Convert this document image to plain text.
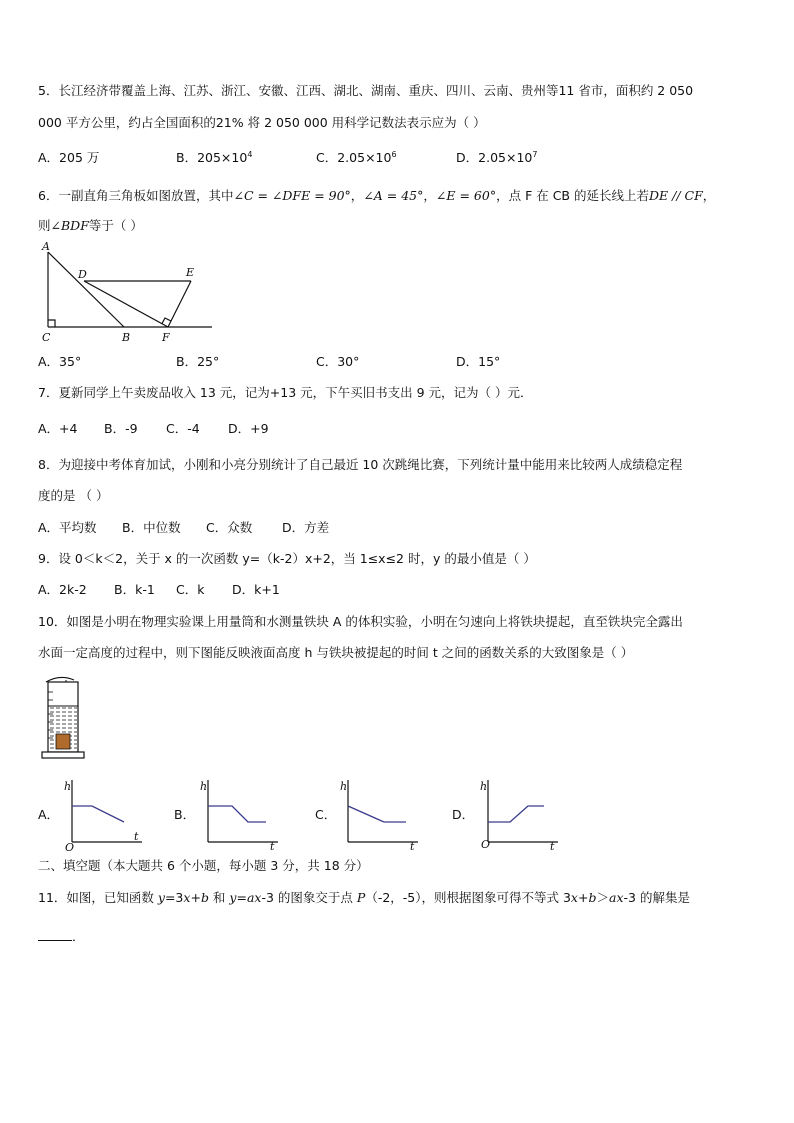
5．长江经济带覆盖上海、江苏、浙江、安徽、江西、湖北、湖南、重庆、四川、云南、贵州等11 省市，面积约 2 050
000 平方公里，约占全国面积的21% 将 2 050 000 用科学记数法表示应为（ ）
A．205 万	B．$205\times 10^4$	C．$2.05\times 10^6$	D．$2.05\times 10^7$
6．一副直角三角板如图放置，其中∠C = ∠DFE = 90°，∠A = 45°，∠E = 60°，点 F 在 CB 的延长线上若DE // CF，
则∠BDF等于（ ）
A
D	E
C	B	F
A．35°	B．25°	C．30°	D．15°
7．夏新同学上午卖废品收入 13 元，记为+13 元，下午买旧书支出 9 元，记为（ ）元．
A．+4 B．-9 C．-4 D．+9
8．为迎接中考体育加试，小刚和小亮分别统计了自己最近 10 次跳绳比赛，下列统计量中能用来比较两人成绩稳定程
度的是 （ ）
A．平均数 B．中位数 C．众数 D．方差
9．设 0＜k＜2，关于 x 的一次函数 y=（k-2）x+2，当 1≤x≤2 时，y 的最小值是（ ）
A．2k-2 B．k-1 C．k D．k+1
10．如图是小明在物理实验课上用量筒和水测量铁块 A 的体积实验，小明在匀速向上将铁块提起，直至铁块完全露出
水面一定高度的过程中，则下图能反映液面高度 h 与铁块被提起的时间 t 之间的函数关系的大致图象是（ ）
A．
h
t
O
B．
h
t
C．
h
t
D．
h
t
O
二、填空题（本大题共 6 个小题，每小题 3 分，共 18 分）
11．如图，已知函数 y=3x+b 和 y=ax-3 的图象交于点 P（-2，-5），则根据图象可得不等式 3x+b＞ax-3 的解集是
．
